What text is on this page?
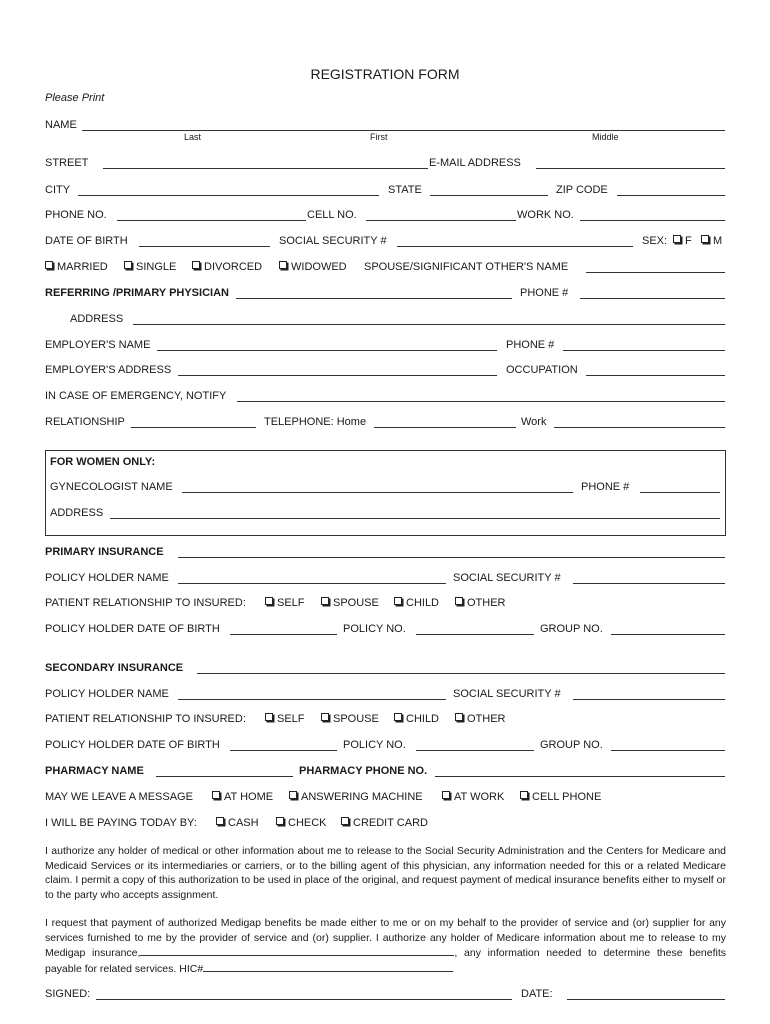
REGISTRATION FORM
Please Print
NAME
Last	First	Middle
STREET	E-MAIL ADDRESS
CITY	STATE	ZIP CODE
PHONE NO.	CELL NO.	WORK NO.
DATE OF BIRTH	SOCIAL SECURITY #	SEX:	F	M
MARRIED	SINGLE	DIVORCED	WIDOWED SPOUSE/SIGNIFICANT OTHER'S NAME
REFERRING /PRIMARY PHYSICIAN	PHONE #
ADDRESS
EMPLOYER'S NAME	PHONE #
EMPLOYER'S ADDRESS	OCCUPATION
IN CASE OF EMERGENCY, NOTIFY
RELATIONSHIP	TELEPHONE: Home	Work
FOR WOMEN ONLY:
GYNECOLOGIST NAME	PHONE #
ADDRESS
PRIMARY INSURANCE
POLICY HOLDER NAME	SOCIAL SECURITY #
PATIENT RELATIONSHIP TO INSURED:	SELF	SPOUSE	CHILD	OTHER
POLICY HOLDER DATE OF BIRTH	POLICY NO.	GROUP NO.
SECONDARY INSURANCE
POLICY HOLDER NAME	SOCIAL SECURITY #
PATIENT RELATIONSHIP TO INSURED:	SELF	SPOUSE	CHILD	OTHER
POLICY HOLDER DATE OF BIRTH	POLICY NO.	GROUP NO.
PHARMACY NAME	PHARMACY PHONE NO.
MAY WE LEAVE A MESSAGE	AT HOME	ANSWERING MACHINE	AT WORK	CELL PHONE
I WILL BE PAYING TODAY BY:	CASH	CHECK	CREDIT CARD
I authorize any holder of medical or other information about me to release to the Social Security Administration and the Centers for Medicare and Medicaid Services or its intermediaries or carriers, or to the billing agent of this physician, any information needed for this or a related Medicare claim. I permit a copy of this authorization to be used in place of the original, and request payment of medical insurance benefits either to myself or to the party who accepts assignment.
I request that payment of authorized Medigap benefits be made either to me or on my behalf to the provider of service and (or) supplier for any services furnished to me by the provider of service and (or) supplier. I authorize any holder of Medicare information about me to release to my Medigap insurance,	, any information needed to determine these benefits payable for related services. HIC#
SIGNED:	DATE:
